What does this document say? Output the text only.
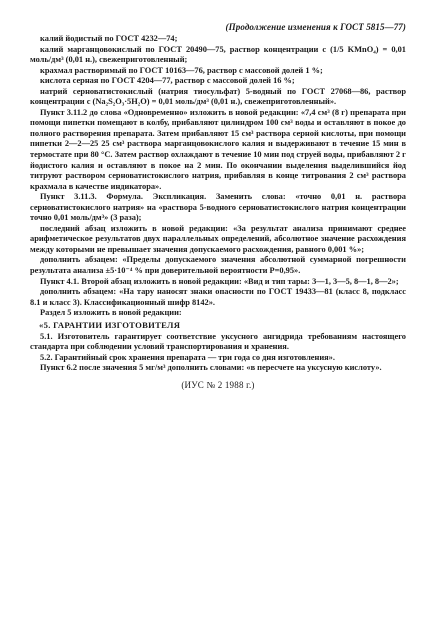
(Продолжение изменения к ГОСТ 5815—77)

калий йодистый по ГОСТ 4232—74;

калий марганцовокислый по ГОСТ 20490—75, раствор концентрации с (1/5 KMnO₄) = 0,01 моль/дм³ (0,01 н.), свежеприготовленный;

крахмал растворимый по ГОСТ 10163—76, раствор с массовой долей 1 %;

кислота серная по ГОСТ 4204—77, раствор с массовой долей 16 %;

натрий серноватистокислый (натрия тиосульфат) 5-водный по ГОСТ 27068—86, раствор концентрации с (Na₂S₂O₃·5H₂O) = 0,01 моль/дм³ (0,01 н.), свежеприготовленный».

Пункт 3.11.2 до слова «Одновременно» изложить в новой редакции: «7,4 см³ (8 г) препарата при помощи пипетки помещают в колбу, прибавляют цилиндром 100 см³ воды и оставляют в покое до полного растворения препарата. Затем прибавляют 15 см³ раствора серной кислоты, при помощи пипетки 2—2—25 25 см³ раствора марганцовокислого калия и выдерживают в течение 15 мин в термостате при 80 °С. Затем раствор охлаждают в течение 10 мин под струей воды, прибавляют 2 г йодистого калия и оставляют в покое на 2 мин. По окончании выделения выделившийся йод титруют раствором серноватистокислого натрия, прибавляя в конце титрования 2 см³ раствора крахмала в качестве индикатора».

Пункт 3.11.3. Формула. Экспликация. Заменить слова: «точно 0,01 н. раствора серноватистокислого натрия» на «раствора 5-водного серноватистокислого натрия концентрации точно 0,01 моль/дм³» (3 раза);

последний абзац изложить в новой редакции: «За результат анализа принимают среднее арифметическое результатов двух параллельных определений, абсолютное значение расхождения между которыми не превышает значения допускаемого расхождения, равного 0,001 %»;

дополнить абзацем: «Пределы допускаемого значения абсолютной суммарной погрешности результата анализа ±5·10⁻⁴ % при доверительной вероятности Р=0,95».

Пункт 4.1. Второй абзац изложить в новой редакции: «Вид и тип тары: 3—1, 3—5, 8—1, 8—2»;

дополнить абзацем: «На тару наносят знаки опасности по ГОСТ 19433—81 (класс 8, подкласс 8.1 и класс 3). Классификационный шифр 8142».

Раздел 5 изложить в новой редакции:

«5. ГАРАНТИИ ИЗГОТОВИТЕЛЯ

5.1. Изготовитель гарантирует соответствие уксусного ангидрида требованиям настоящего стандарта при соблюдении условий транспортирования и хранения.

5.2. Гарантийный срок хранения препарата — три года со дня изготовления».

Пункт 6.2 после значения 5 мг/м³ дополнить словами: «в пересчете на уксусную кислоту».

(ИУС № 2 1988 г.)
